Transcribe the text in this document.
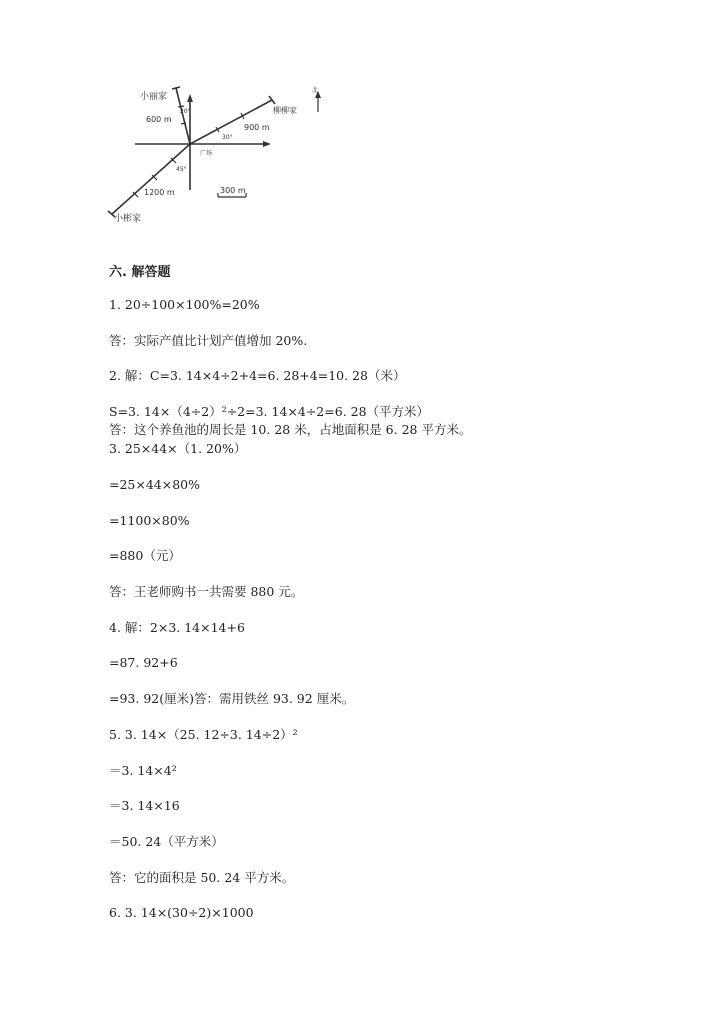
小丽家
柳柳家
小彬家
北
广场
600 m
900 m
1200 m	300 m
20°
30°
45°
六. 解答题
1. 20÷100×100%=20%
答：实际产值比计划产值增加 20%.
2. 解：C=3. 14×4÷2+4=6. 28+4=10. 28（米）
S=3. 14×（4÷2）²÷2=3. 14×4÷2=6. 28（平方米）
答：这个养鱼池的周长是 10. 28 米，占地面积是 6. 28 平方米。
3. 25×44×（1. 20%）
=25×44×80%
=1100×80%
=880（元）
答：王老师购书一共需要 880 元。
4. 解：2×3. 14×14+6
=87. 92+6
=93. 92(厘米)答：需用铁丝 93. 92 厘米。
5. 3. 14×（25. 12÷3. 14÷2）²
＝3. 14×4²
＝3. 14×16
＝50. 24（平方米）
答：它的面积是 50. 24 平方米。
6. 3. 14×(30÷2)×1000
